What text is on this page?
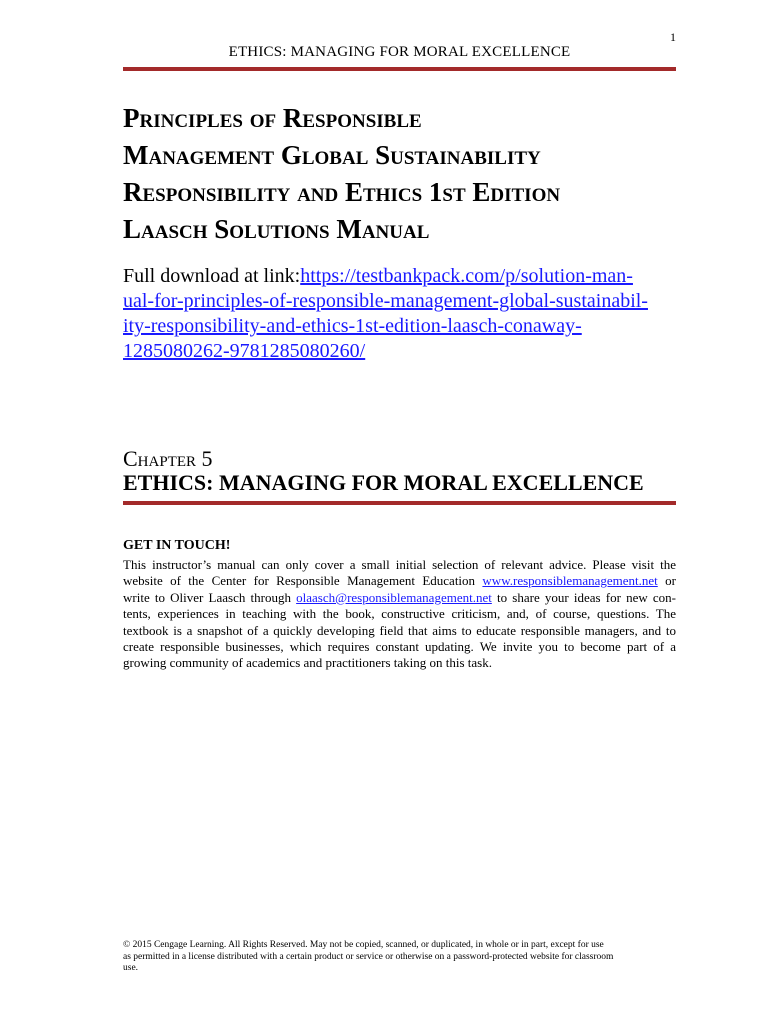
1
ETHICS: MANAGING FOR MORAL EXCELLENCE
Principles of Responsible
Management Global Sustainability
Responsibility and Ethics 1st Edition
Laasch Solutions Manual
Full download at link:https://testbankpack.com/p/solution-man-
ual-for-principles-of-responsible-management-global-sustainabil-
ity-responsibility-and-ethics-1st-edition-laasch-conaway-
1285080262-9781285080260/
Chapter 5
ETHICS: MANAGING FOR MORAL EXCELLENCE
GET IN TOUCH!
This instructor’s manual can only cover a small initial selection of relevant advice. Please visit the
website of the Center for Responsible Management Education www.responsiblemanagement.net or
write to Oliver Laasch through olaasch@responsiblemanagement.net to share your ideas for new con-
tents, experiences in teaching with the book, constructive criticism, and, of course, questions. The
textbook is a snapshot of a quickly developing field that aims to educate responsible managers, and to
create responsible businesses, which requires constant updating. We invite you to become part of a
growing community of academics and practitioners taking on this task.
© 2015 Cengage Learning. All Rights Reserved. May not be copied, scanned, or duplicated, in whole or in part, except for use
as permitted in a license distributed with a certain product or service or otherwise on a password-protected website for classroom
use.
